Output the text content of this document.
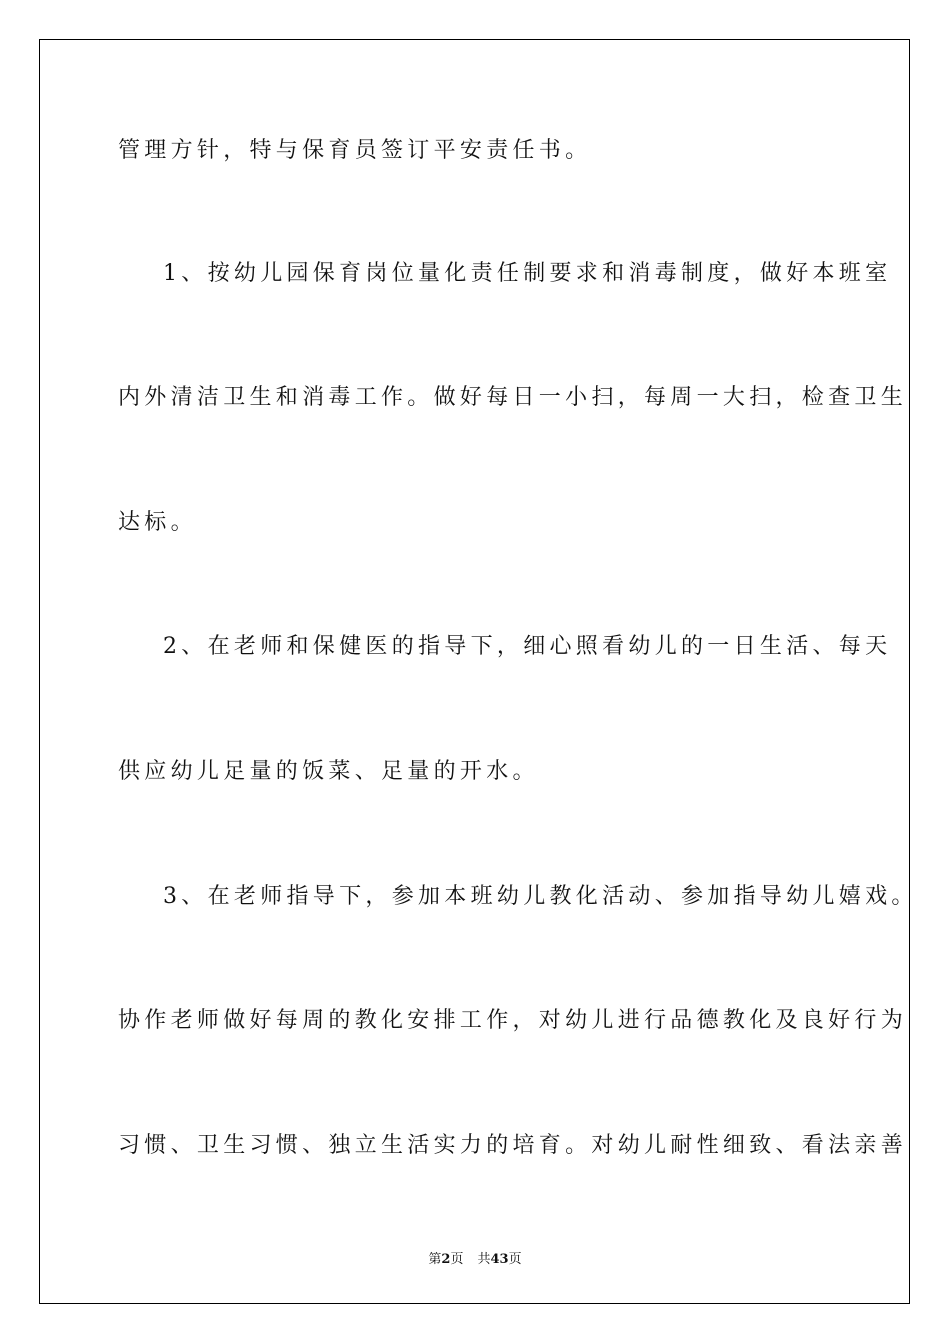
管理方针，特与保育员签订平安责任书。

1、按幼儿园保育岗位量化责任制要求和消毒制度，做好本班室

内外清洁卫生和消毒工作。做好每日一小扫，每周一大扫，检查卫生

达标。

2、在老师和保健医的指导下，细心照看幼儿的一日生活、每天

供应幼儿足量的饭菜、足量的开水。

3、在老师指导下，参加本班幼儿教化活动、参加指导幼儿嬉戏。

协作老师做好每周的教化安排工作，对幼儿进行品德教化及良好行为

习惯、卫生习惯、独立生活实力的培育。对幼儿耐性细致、看法亲善

第2页 共43页
